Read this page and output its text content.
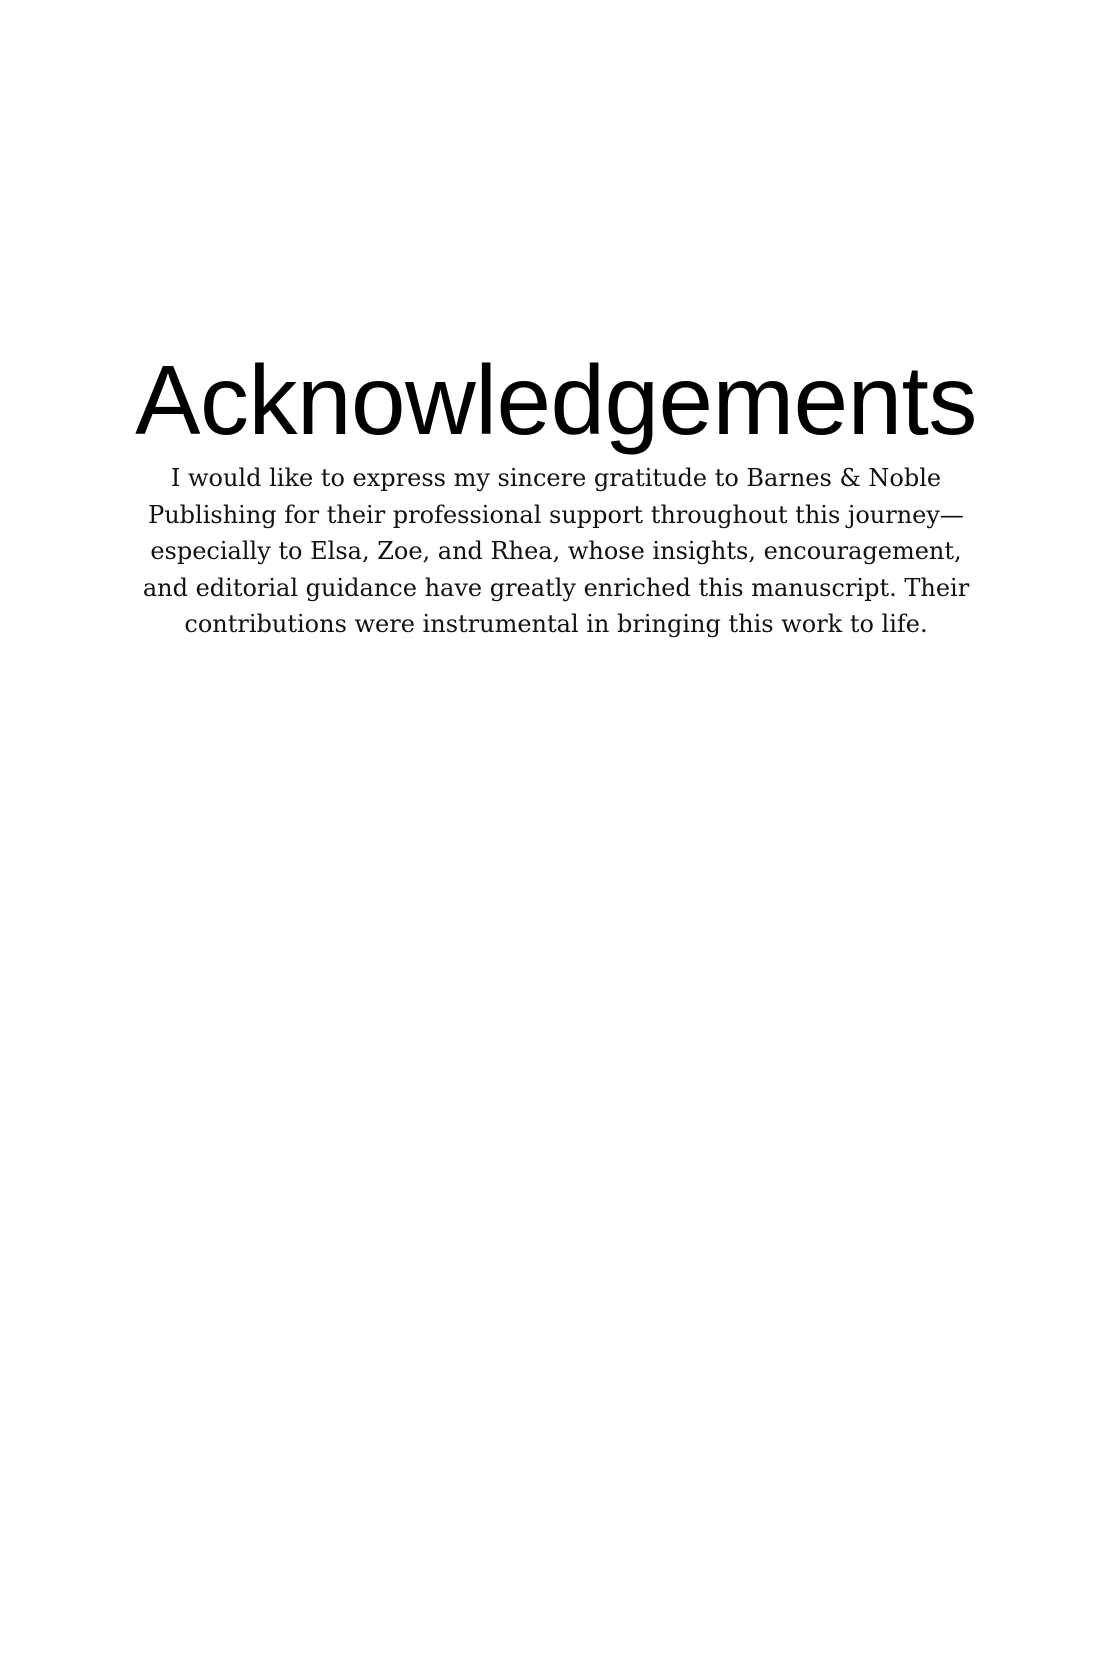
Acknowledgements

I would like to express my sincere gratitude to Barnes & Noble
Publishing for their professional support throughout this journey—
especially to Elsa, Zoe, and Rhea, whose insights, encouragement,
and editorial guidance have greatly enriched this manuscript. Their
contributions were instrumental in bringing this work to life.
